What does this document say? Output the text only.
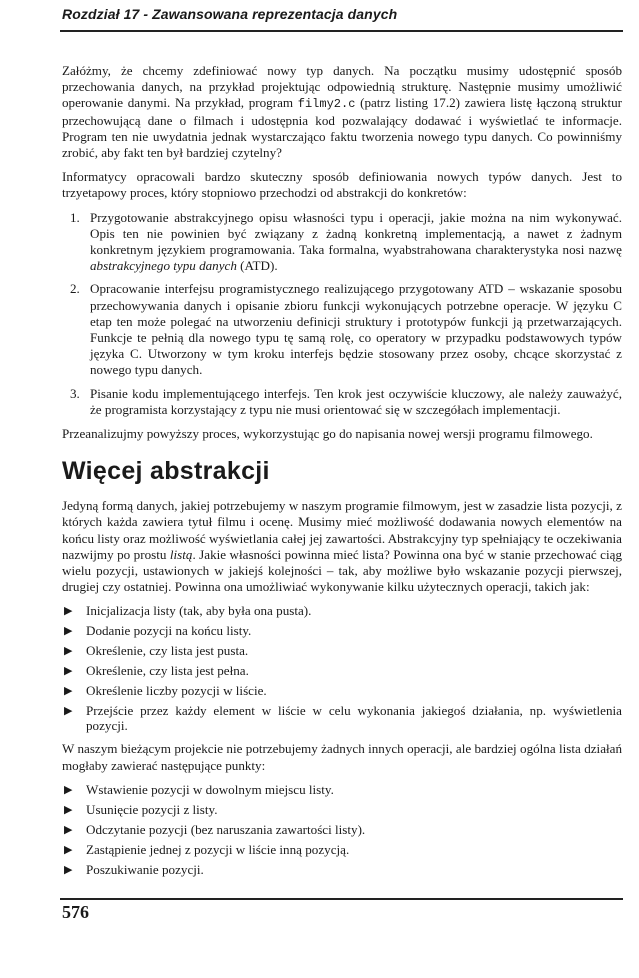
Rozdział 17 - Zawansowana reprezentacja danych

Załóżmy, że chcemy zdefiniować nowy typ danych. Na początku musimy udostępnić sposób przechowania danych, na przykład projektując odpowiednią strukturę. Następnie musimy umożliwić operowanie danymi. Na przykład, program filmy2.c (patrz listing 17.2) zawiera listę łączoną struktur przechowującą dane o filmach i udostępnia kod pozwalający dodawać i wyświetlać te informacje. Program ten nie uwydatnia jednak wystarczająco faktu tworzenia nowego typu danych. Co powinniśmy zrobić, aby fakt ten był bardziej czytelny?

Informatycy opracowali bardzo skuteczny sposób definiowania nowych typów danych. Jest to trzyetapowy proces, który stopniowo przechodzi od abstrakcji do konkretów:

1. Przygotowanie abstrakcyjnego opisu własności typu i operacji, jakie można na nim wykonywać. Opis ten nie powinien być związany z żadną konkretną implementacją, a nawet z żadnym konkretnym językiem programowania. Taka formalna, wyabstrahowana charakterystyka nosi nazwę abstrakcyjnego typu danych (ATD).
2. Opracowanie interfejsu programistycznego realizującego przygotowany ATD – wskazanie sposobu przechowywania danych i opisanie zbioru funkcji wykonujących potrzebne operacje. W języku C etap ten może polegać na utworzeniu definicji struktury i prototypów funkcji ją przetwarzających. Funkcje te pełnią dla nowego typu tę samą rolę, co operatory w przypadku podstawowych typów języka C. Utworzony w tym kroku interfejs będzie stosowany przez osoby, chcące skorzystać z nowego typu danych.
3. Pisanie kodu implementującego interfejs. Ten krok jest oczywiście kluczowy, ale należy zauważyć, że programista korzystający z typu nie musi orientować się w szczegółach implementacji.

Przeanalizujmy powyższy proces, wykorzystując go do napisania nowej wersji programu filmowego.

Więcej abstrakcji

Jedyną formą danych, jakiej potrzebujemy w naszym programie filmowym, jest w zasadzie lista pozycji, z których każda zawiera tytuł filmu i ocenę. Musimy mieć możliwość dodawania nowych elementów na końcu listy oraz możliwość wyświetlania całej jej zawartości. Abstrakcyjny typ spełniający te oczekiwania nazwijmy po prostu listą. Jakie własności powinna mieć lista? Powinna ona być w stanie przechować ciąg wielu pozycji, ustawionych w jakiejś kolejności – tak, aby możliwe było wskazanie pozycji pierwszej, drugiej czy ostatniej. Powinna ona umożliwiać wykonywanie kilku użytecznych operacji, takich jak:

▶ Inicjalizacja listy (tak, aby była ona pusta).
▶ Dodanie pozycji na końcu listy.
▶ Określenie, czy lista jest pusta.
▶ Określenie, czy lista jest pełna.
▶ Określenie liczby pozycji w liście.
▶ Przejście przez każdy element w liście w celu wykonania jakiegoś działania, np. wyświetlenia pozycji.

W naszym bieżącym projekcie nie potrzebujemy żadnych innych operacji, ale bardziej ogólna lista działań mogłaby zawierać następujące punkty:

▶ Wstawienie pozycji w dowolnym miejscu listy.
▶ Usunięcie pozycji z listy.
▶ Odczytanie pozycji (bez naruszania zawartości listy).
▶ Zastąpienie jednej z pozycji w liście inną pozycją.
▶ Poszukiwanie pozycji.
576
